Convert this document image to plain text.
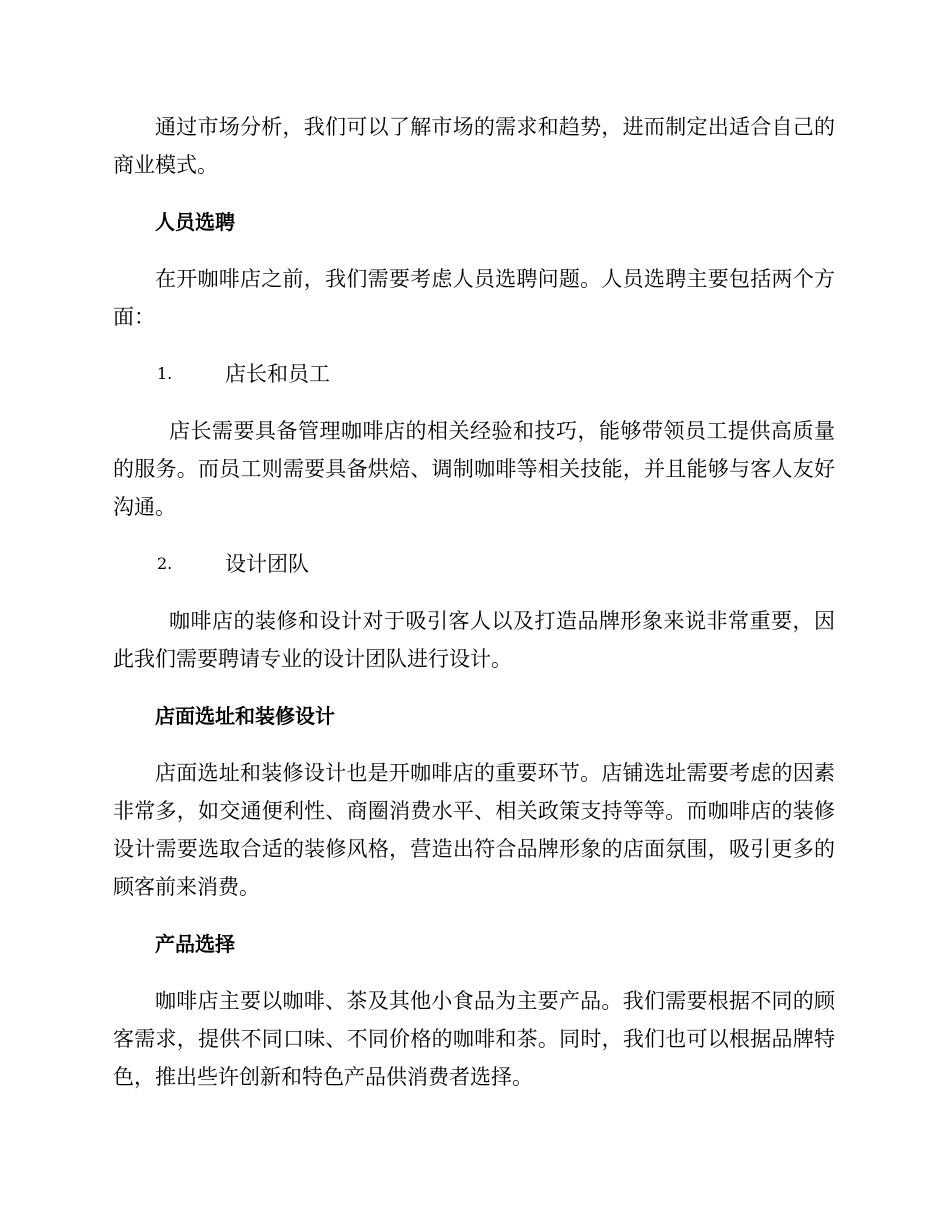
通过市场分析，我们可以了解市场的需求和趋势，进而制定出适合自己的商业模式。

人员选聘

在开咖啡店之前，我们需要考虑人员选聘问题。人员选聘主要包括两个方面：

1.	店长和员工

店长需要具备管理咖啡店的相关经验和技巧，能够带领员工提供高质量的服务。而员工则需要具备烘焙、调制咖啡等相关技能，并且能够与客人友好沟通。

2.	设计团队

咖啡店的装修和设计对于吸引客人以及打造品牌形象来说非常重要，因此我们需要聘请专业的设计团队进行设计。

店面选址和装修设计

店面选址和装修设计也是开咖啡店的重要环节。店铺选址需要考虑的因素非常多，如交通便利性、商圈消费水平、相关政策支持等等。而咖啡店的装修设计需要选取合适的装修风格，营造出符合品牌形象的店面氛围，吸引更多的顾客前来消费。

产品选择

咖啡店主要以咖啡、茶及其他小食品为主要产品。我们需要根据不同的顾客需求，提供不同口味、不同价格的咖啡和茶。同时，我们也可以根据品牌特色，推出些许创新和特色产品供消费者选择。
